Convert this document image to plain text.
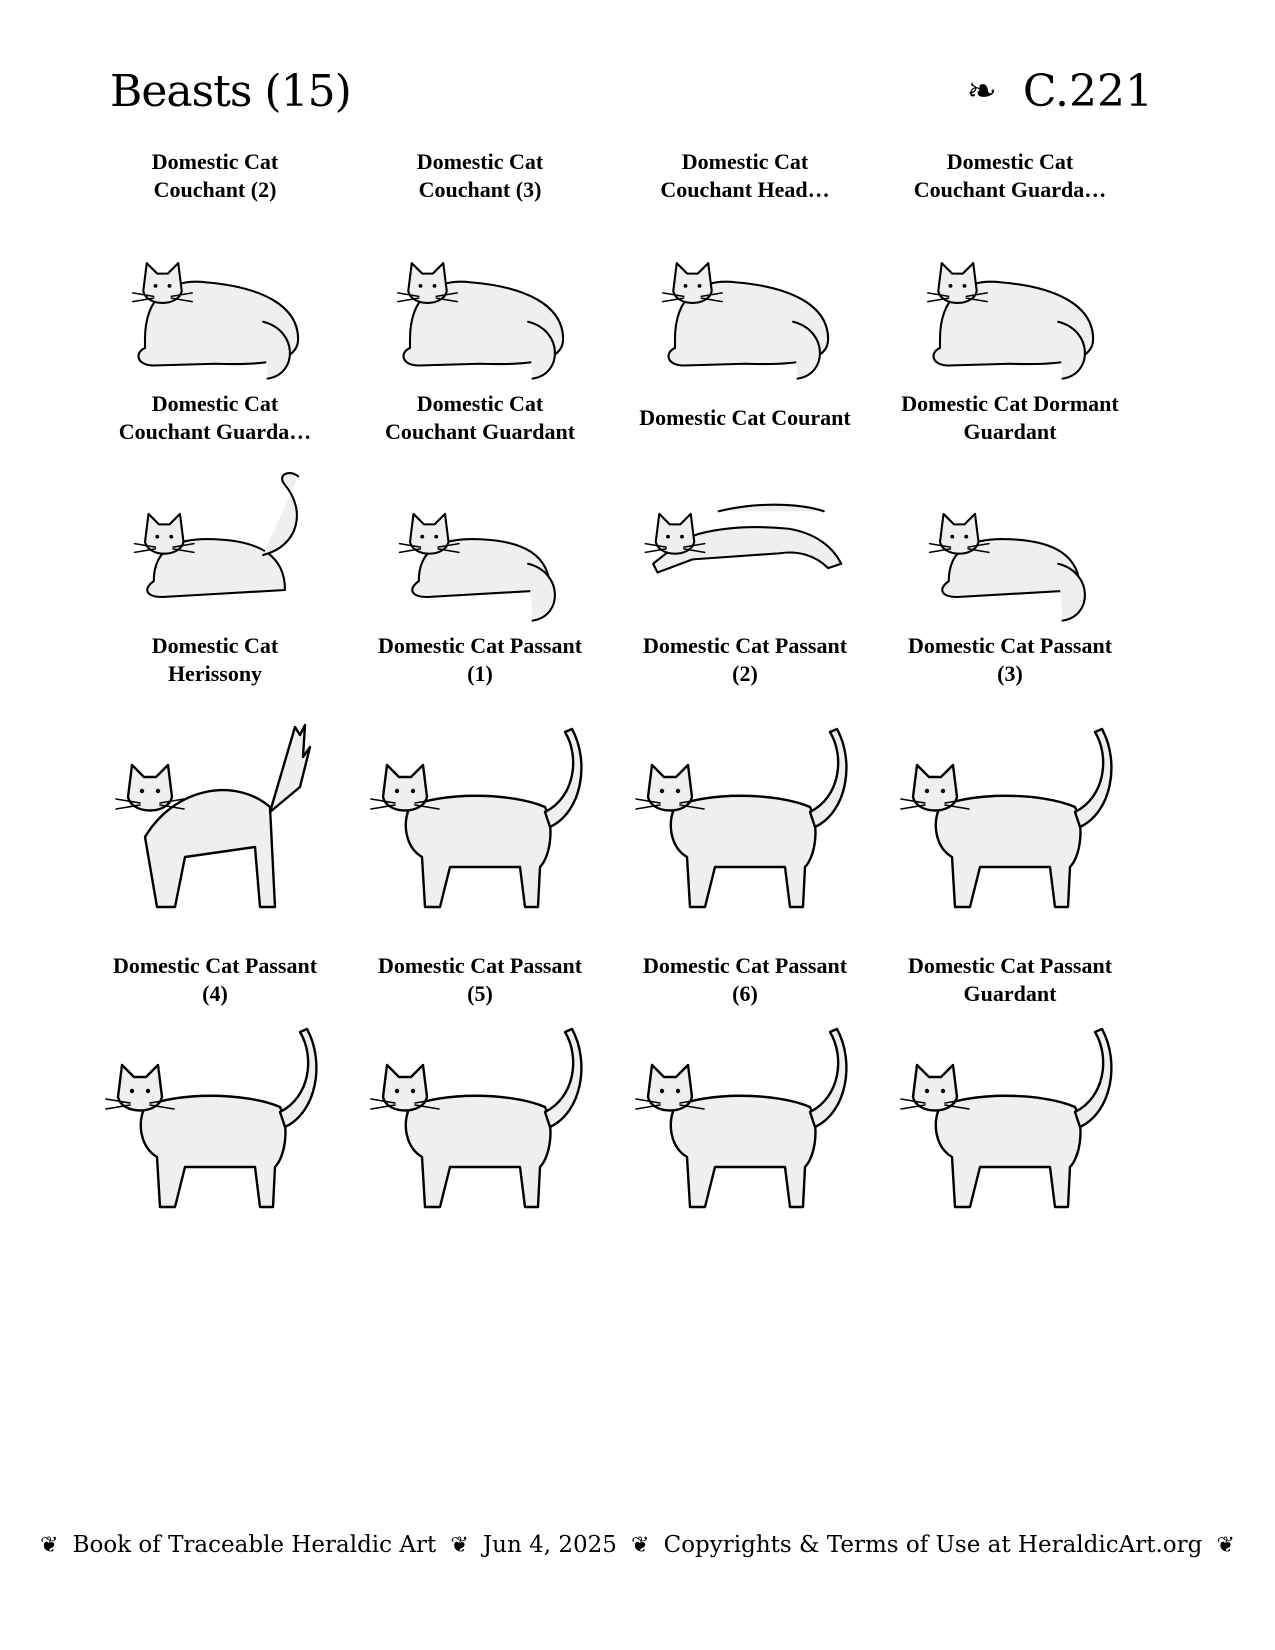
Beasts (15)	❧ C.221
Domestic Cat
Couchant (2)
Domestic Cat
Couchant (3)
Domestic Cat
Couchant Head…
Domestic Cat
Couchant Guarda…
Domestic Cat
Couchant Guarda…
Domestic Cat
Couchant Guardant
Domestic Cat Courant
Domestic Cat Dormant
Guardant
Domestic Cat
Herissony
Domestic Cat Passant
(1)
Domestic Cat Passant
(2)
Domestic Cat Passant
(3)
Domestic Cat Passant
(4)
Domestic Cat Passant
(5)
Domestic Cat Passant
(6)
Domestic Cat Passant
Guardant
❦ Book of Traceable Heraldic Art ❦ Jun 4, 2025 ❦ Copyrights & Terms of Use at HeraldicArt.org ❦
